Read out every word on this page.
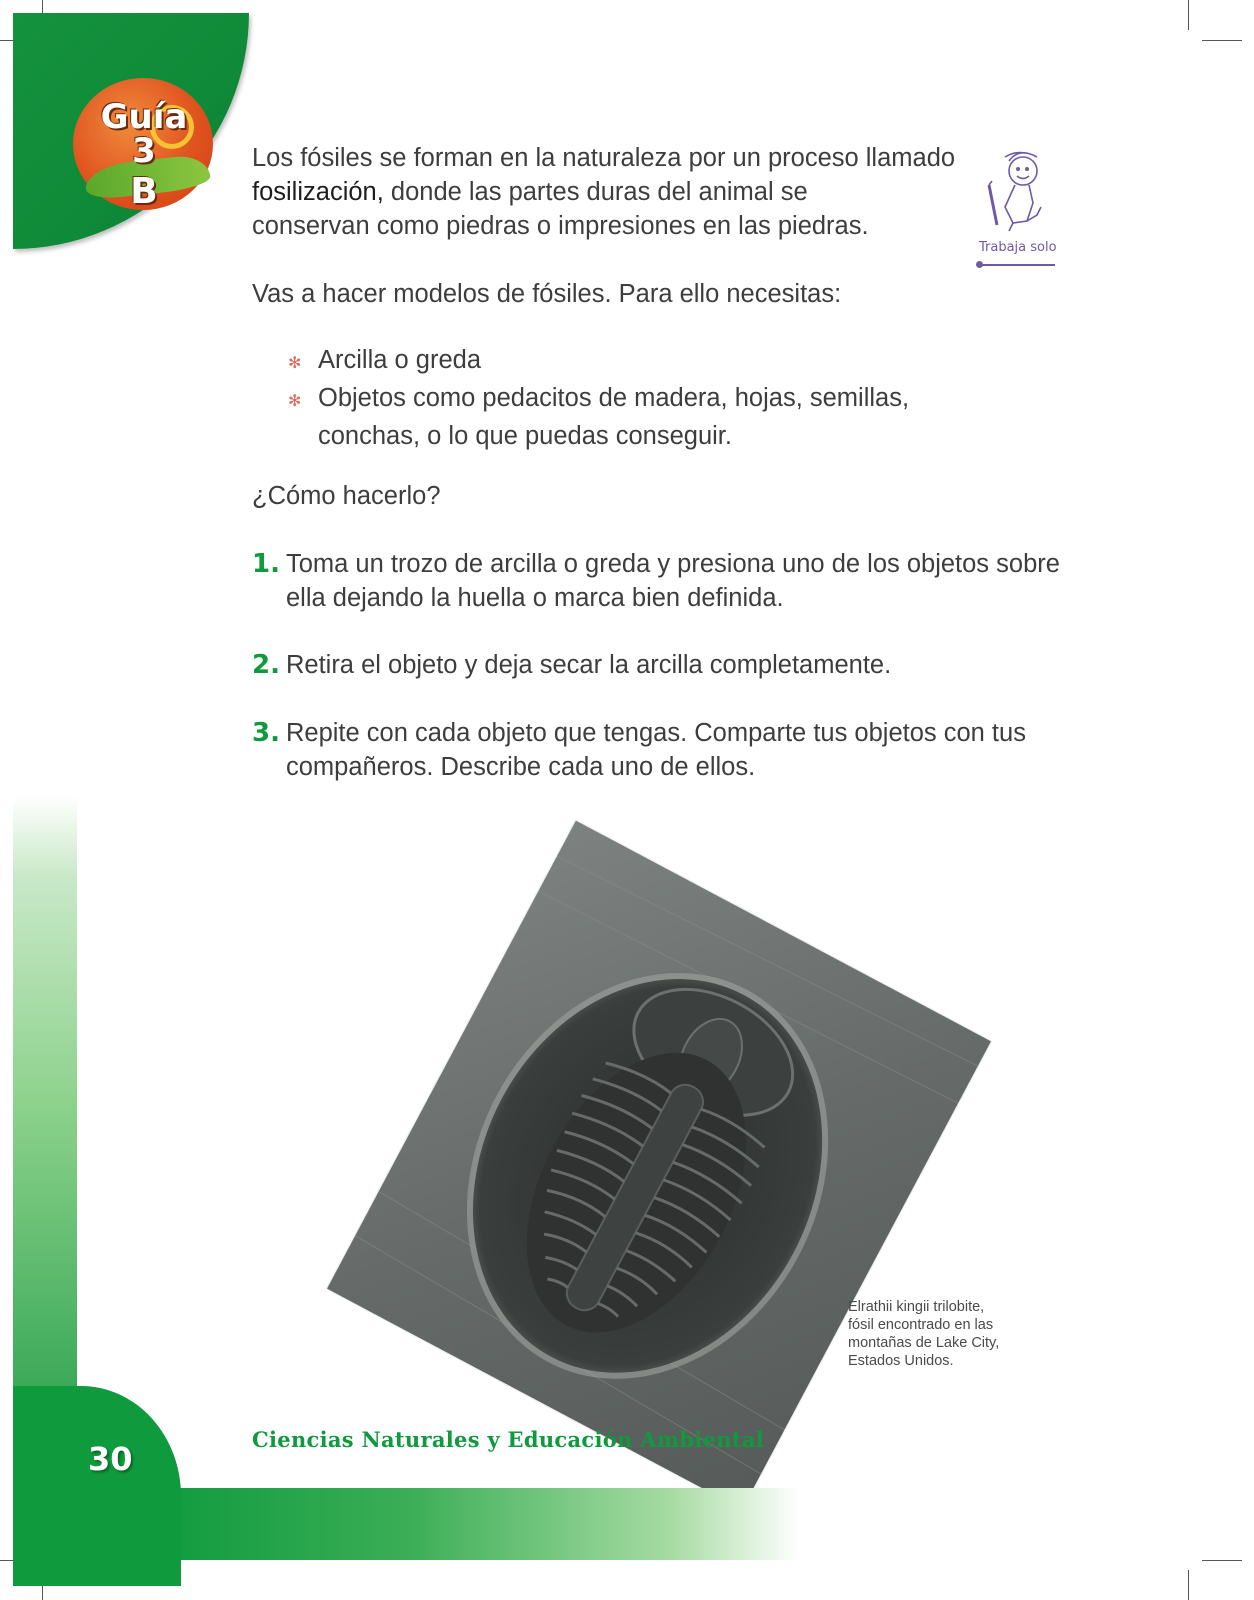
Guía 3
B
Trabaja solo
Los fósiles se forman en la naturaleza por un proceso llamado
fosilización, donde las partes duras del animal se
conservan como piedras o impresiones en las piedras.
Vas a hacer modelos de fósiles. Para ello necesitas:
✻ Arcilla o greda
✻ Objetos como pedacitos de madera, hojas, semillas,
conchas, o lo que puedas conseguir.
¿Cómo hacerlo?
1. Toma un trozo de arcilla o greda y presiona uno de los objetos sobre
ella dejando la huella o marca bien definida.
2. Retira el objeto y deja secar la arcilla completamente.
3. Repite con cada objeto que tengas. Comparte tus objetos con tus
compañeros. Describe cada uno de ellos.
Elrathii kingii trilobite,
fósil encontrado en las
montañas de Lake City,
Estados Unidos.
30
Ciencias Naturales y Educación Ambiental
